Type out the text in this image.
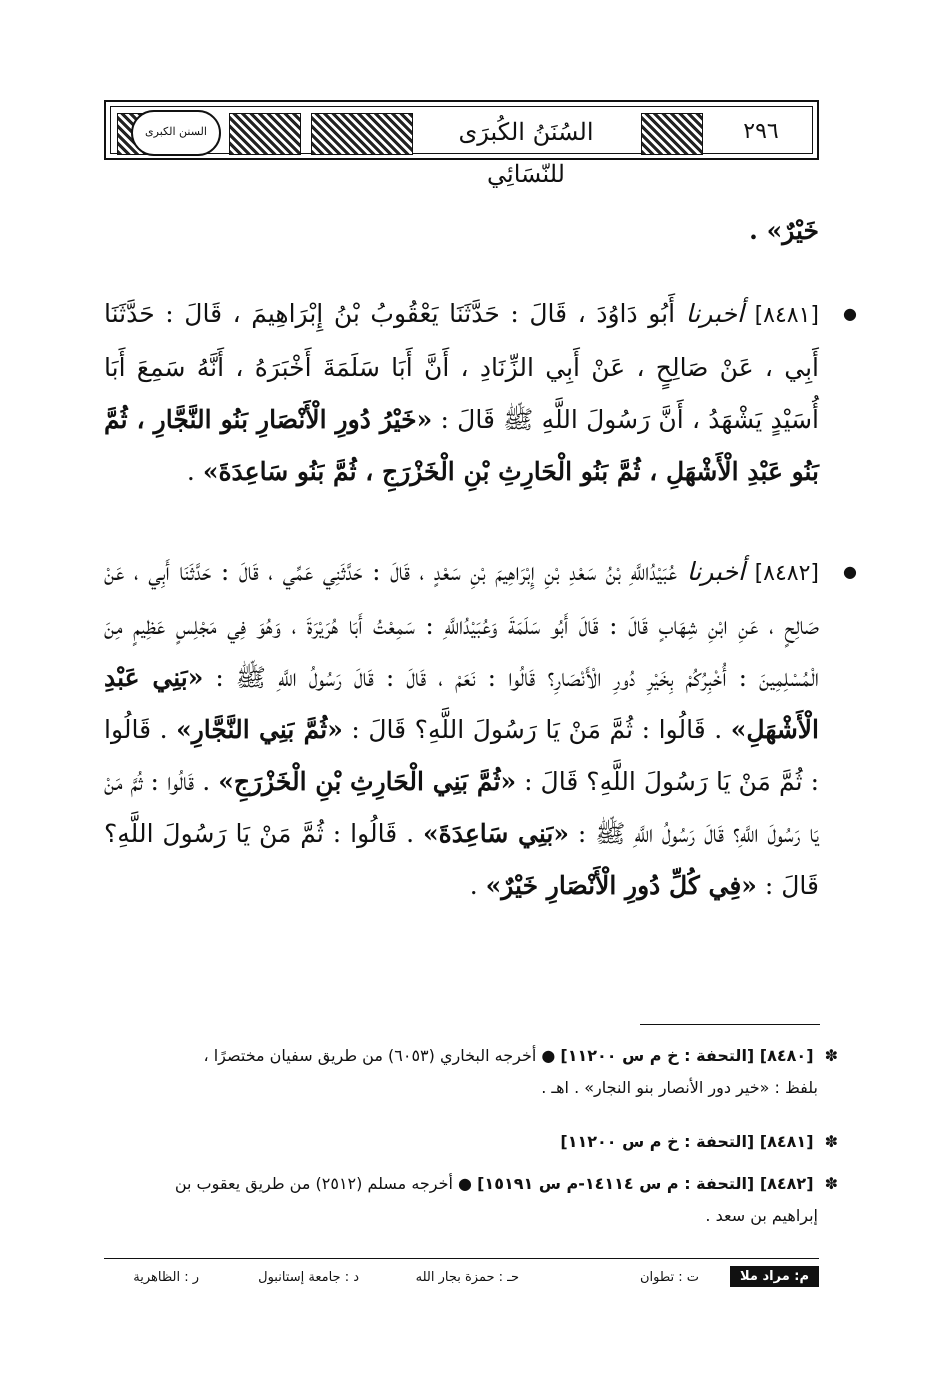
السنن الكبرى	السُنَنُ الكُبرَى للنّسَائِي
٢٩٦
خَيْرٌ» .
●
[٨٤٨١] أخبرنا أَبُو دَاوُدَ ، قَالَ : حَدَّثَنَا يَعْقُوبُ بْنُ إِبْرَاهِيمَ ، قَالَ : حَدَّثَنَا أَبِي ، عَنْ صَالِحٍ ، عَنْ أَبِي الزِّنَادِ ، أَنَّ أَبَا سَلَمَةَ أَخْبَرَهُ ، أَنَّهُ سَمِعَ أَبَا أُسَيْدٍ يَشْهَدُ ، أَنَّ رَسُولَ اللَّهِ ﷺ قَالَ : «خَيْرُ دُورِ الْأَنْصَارِ بَنُو النَّجَّارِ ، ثُمَّ بَنُو عَبْدِ الْأَشْهَلِ ، ثُمَّ بَنُو الْحَارِثِ بْنِ الْخَزْرَجِ ، ثُمَّ بَنُو سَاعِدَةَ» .
●
[٨٤٨٢] أخبرنا عُبَيْدُاللَّهِ بْنُ سَعْدِ بْنِ إِبْرَاهِيمَ بْنِ سَعْدٍ ، قَالَ : حَدَّثَنِي عَمِّي ، قَالَ : حَدَّثَنَا أَبِي ، عَنْ صَالِحٍ ، عَنِ ابْنِ شِهَابٍ قَالَ : قَالَ أَبُو سَلَمَةَ وَعُبَيْدُاللَّهِ : سَمِعْتُ أَبَا هُرَيْرَةَ ، وَهُوَ فِي مَجْلِسٍ عَظِيمٍ مِنَ الْمُسْلِمِينَ : أُخْبِرُكُمْ بِخَيْرِ دُورِ الْأَنْصَارِ؟ قَالُوا : نَعَمْ ، قَالَ : قَالَ رَسُولُ اللَّهِ ﷺ : «بَنِي عَبْدِ الْأَشْهَلِ» . قَالُوا : ثُمَّ مَنْ يَا رَسُولَ اللَّهِ؟ قَالَ : «ثُمَّ بَنِي النَّجَّارِ» . قَالُوا : ثُمَّ مَنْ يَا رَسُولَ اللَّهِ؟ قَالَ : «ثُمَّ بَنِي الْحَارِثِ بْنِ الْخَزْرَجِ» . قَالُوا : ثُمَّ مَنْ يَا رَسُولَ اللَّهِ؟ قَالَ رَسُولُ اللَّهِ ﷺ : «بَنِي سَاعِدَةَ» . قَالُوا : ثُمَّ مَنْ يَا رَسُولَ اللَّهِ؟ قَالَ : «فِي كُلِّ دُورِ الْأَنْصَارِ خَيْرٌ» .
✽ [٨٤٨٠] [التحفة : خ م س ١١٢٠٠] ● أخرجه البخاري (٦٠٥٣) من طريق سفيان مختصرًا ،
بلفظ : «خير دور الأنصار بنو النجار» . اهـ .
✽ [٨٤٨١] [التحفة : خ م س ١١٢٠٠]
✽ [٨٤٨٢] [التحفة : م س ١٤١١٤-م س ١٥١٩١] ● أخرجه مسلم (٢٥١٢) من طريق يعقوب بن
إبراهيم بن سعد .
م: مراد ملا
ت : تطوان
حـ : حمزة بجار الله
د : جامعة إستانبول
ر : الظاهرية
